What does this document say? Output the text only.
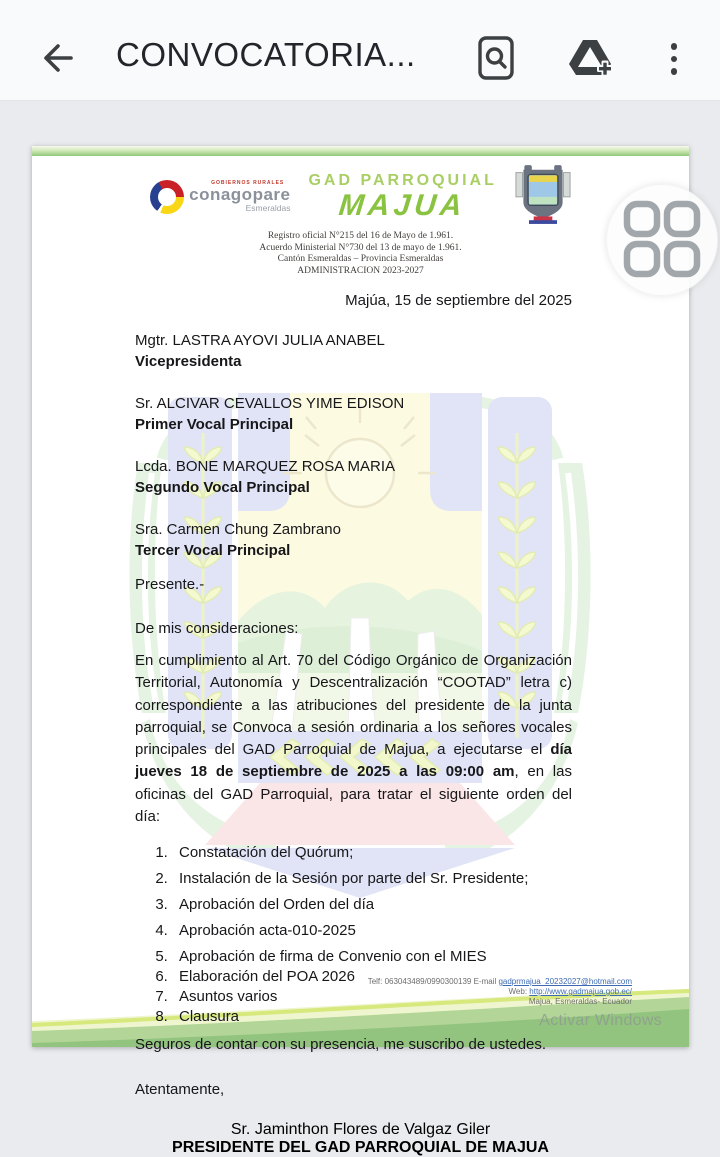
CONVOCATORIA...
GOBIERNOS RURALES
conagopare
Esmeraldas
GAD PARROQUIAL
MAJUA
Registro oficial N°215 del 16 de Mayo de 1.961.
Acuerdo Ministerial N°730 del 13 de mayo de 1.961.
Cantón Esmeraldas – Provincia Esmeraldas
ADMINISTRACION 2023-2027
Majúa, 15 de septiembre del 2025
Mgtr. LASTRA AYOVI JULIA ANABEL
Vicepresidenta
Sr. ALCIVAR CEVALLOS YIME EDISON
Primer Vocal Principal
Lcda. BONE MARQUEZ ROSA MARIA
Segundo Vocal Principal
Sra. Carmen Chung Zambrano
Tercer Vocal Principal
Presente.-
De mis consideraciones:

En cumplimiento al Art. 70 del Código Orgánico de Organización Territorial, Autonomía y Descentralización “COOTAD” letra c) correspondiente a las atribuciones del presidente de la junta parroquial, se Convoca a sesión ordinaria a los señores vocales principales del GAD Parroquial de Majua, a ejecutarse el día jueves 18 de septiembre de 2025 a las 09:00 am, en las oficinas del GAD Parroquial, para tratar el siguiente orden del día:

1. Constatación del Quórum;
2. Instalación de la Sesión por parte del Sr. Presidente;
3. Aprobación del Orden del día
4. Aprobación acta-010-2025
5. Aprobación de firma de Convenio con el MIES
6. Elaboración del POA 2026
7. Asuntos varios
8. Clausura
Seguros de contar con su presencia, me suscribo de ustedes.
Atentamente,
Sr. Jaminthon Flores de Valgaz Giler
PRESIDENTE DEL GAD PARROQUIAL DE MAJUA
Telf: 063043489/0990300139 E-mail gadprmajua_20232027@hotmail.com
Web: http://www.gadmajua.gob.ec/
Majua, Esmeraldas- Ecuador
Activar Windows
